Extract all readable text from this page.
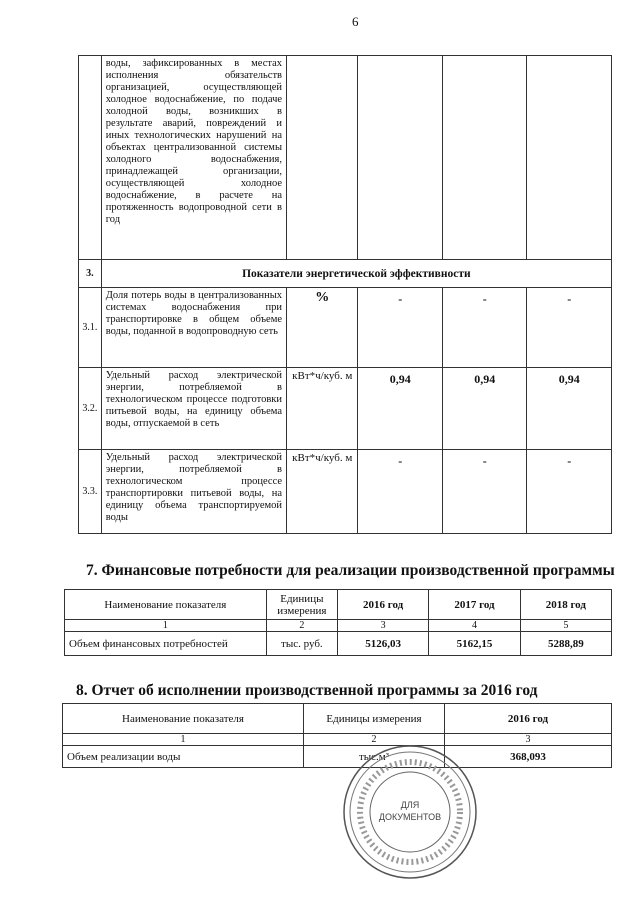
6
	воды, зафиксированных в местах исполнения обязательств организацией, осуществляющей холодное водоснабжение, по подаче холодной воды, возникших в результате аварий, повреждений и иных технологических нарушений на объектах централизованной системы холодного водоснабжения, принадлежащей организации, осуществляющей холодное водоснабжение, в расчете на протяженность водопроводной сети в год				
3.	Показатели энергетической эффективности				
3.1.	Доля потерь воды в централизованных системах водоснабжения при транспортировке в общем объеме воды, поданной в водопроводную сеть	%	-	-	-
3.2.	Удельный расход электрической энергии, потребляемой в технологическом процессе подготовки питьевой воды, на единицу объема воды, отпускаемой в сеть	кВт*ч/куб. м	0,94	0,94	0,94
3.3.	Удельный расход электрической энергии, потребляемой в технологическом процессе транспортировки питьевой воды, на единицу объема транспортируемой воды	кВт*ч/куб. м	-	-	-
7. Финансовые потребности для реализации производственной программы
Наименование показателя	Единицы измерения	2016 год	2017 год	2018 год
1	2	3	4	5
Объем финансовых потребностей	тыс. руб.	5126,03	5162,15	5288,89
8. Отчет об исполнении производственной программы за 2016 год
Наименование показателя	Единицы измерения	2016 год
1	2	3
Объем реализации воды	тыс.м³	368,093
ДЛЯ
ДОКУМЕНТОВ
